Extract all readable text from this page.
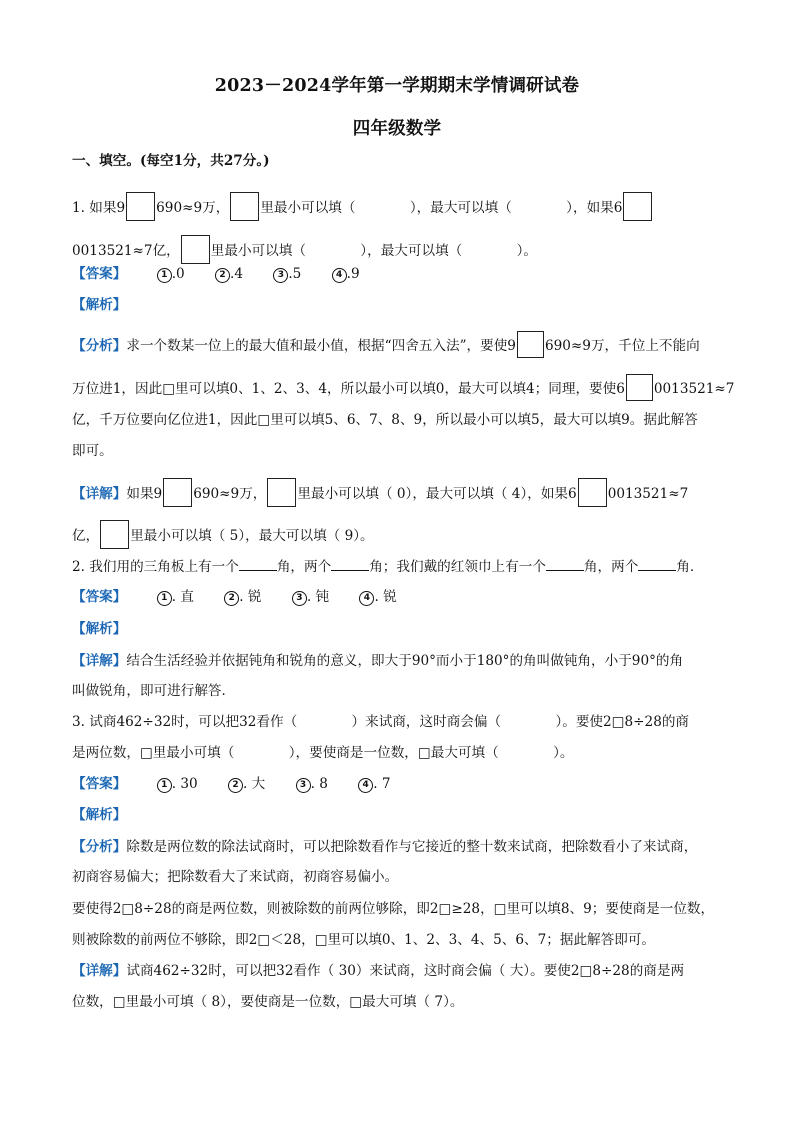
2023－2024学年第一学期期末学情调研试卷
四年级数学
一、填空。(每空1分，共27分。)
1. 如果9 690≈9万， 里最小可以填（　　　　），最大可以填（　　　　），如果6
0013521≈7亿， 里最小可以填（　　　　），最大可以填（　　　　）。
【答案】	1 .0	2 .4	3 .5	4 .9
【解析】
【分析】求一个数某一位上的最大值和最小值，根据“四舍五入法”，要使9 690≈9万，千位上不能向
万位进1，因此□里可以填0、1、2、3、4，所以最小可以填0，最大可以填4；同理，要使6 0013521≈7
亿，千万位要向亿位进1，因此□里可以填5、6、7、8、9，所以最小可以填5，最大可以填9。据此解答
即可。
【详解】如果9 690≈9万， 里最小可以填（ 0），最大可以填（ 4），如果6 0013521≈7
亿， 里最小可以填（ 5），最大可以填（ 9）。
2. 我们用的三角板上有一个	角，两个	角；我们戴的红领巾上有一个	角，两个	角．
【答案】	1 . 直	2 . 锐	3 . 钝	4 . 锐
【解析】
【详解】结合生活经验并依据钝角和锐角的意义，即大于90°而小于180°的角叫做钝角，小于90°的角
叫做锐角，即可进行解答．
3. 试商462÷32时，可以把32看作（　　　　）来试商，这时商会偏（　　　　）。要使2□8÷28的商
是两位数，□里最小可填（　　　　），要使商是一位数，□最大可填（　　　　）。
【答案】	1 . 30	2 . 大	3 . 8	4 . 7
【解析】
【分析】除数是两位数的除法试商时，可以把除数看作与它接近的整十数来试商，把除数看小了来试商，
初商容易偏大；把除数看大了来试商，初商容易偏小。
要使得2□8÷28的商是两位数，则被除数的前两位够除，即2□≥28，□里可以填8、9；要使商是一位数，
则被除数的前两位不够除，即2□＜28，□里可以填0、1、2、3、4、5、6、7；据此解答即可。
【详解】试商462÷32时，可以把32看作（ 30）来试商，这时商会偏（ 大）。要使2□8÷28的商是两
位数，□里最小可填（ 8），要使商是一位数，□最大可填（ 7）。
